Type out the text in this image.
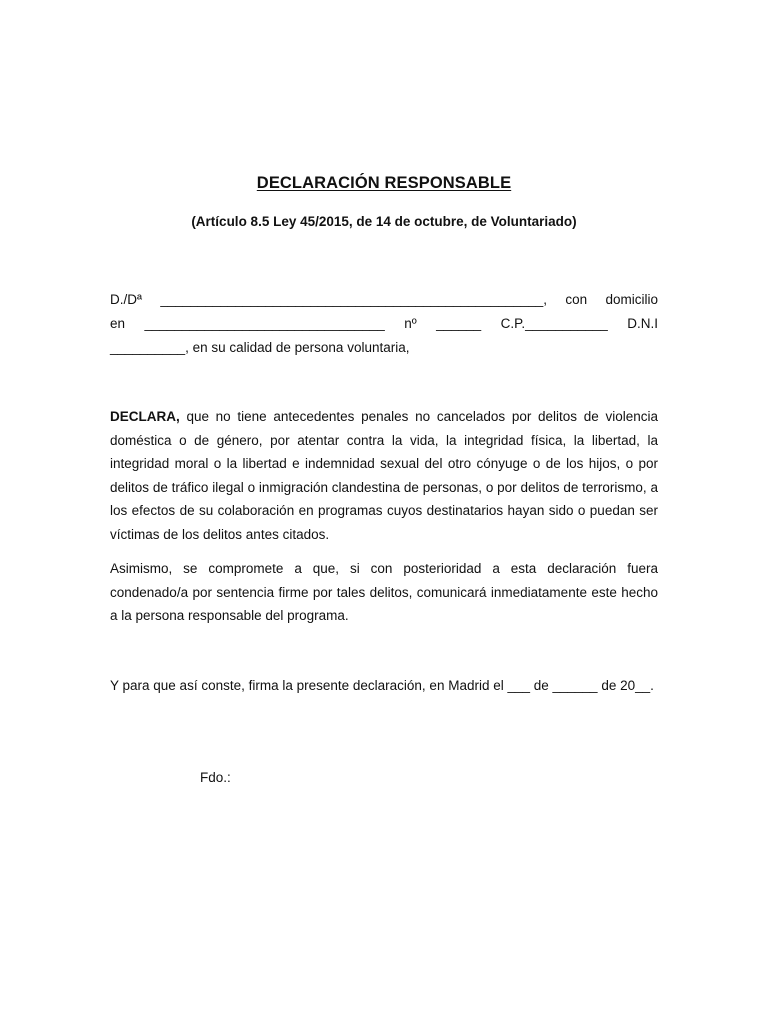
DECLARACIÓN RESPONSABLE
(Artículo 8.5 Ley 45/2015, de 14 de octubre, de Voluntariado)
D./Dª ___________________________________________________, con domicilio
en ________________________________ nº ______ C.P.___________ D.N.I
__________, en su calidad de persona voluntaria,

DECLARA, que no tiene antecedentes penales no cancelados por delitos de violencia doméstica o de género, por atentar contra la vida, la integridad física, la libertad, la integridad moral o la libertad e indemnidad sexual del otro cónyuge o de los hijos, o por delitos de tráfico ilegal o inmigración clandestina de personas, o por delitos de terrorismo, a los efectos de su colaboración en programas cuyos destinatarios hayan sido o puedan ser víctimas de los delitos antes citados.

Asimismo, se compromete a que, si con posterioridad a esta declaración fuera condenado/a por sentencia firme por tales delitos, comunicará inmediatamente este hecho a la persona responsable del programa.

Y para que así conste, firma la presente declaración, en Madrid el ___ de ______ de 20__.

Fdo.:
